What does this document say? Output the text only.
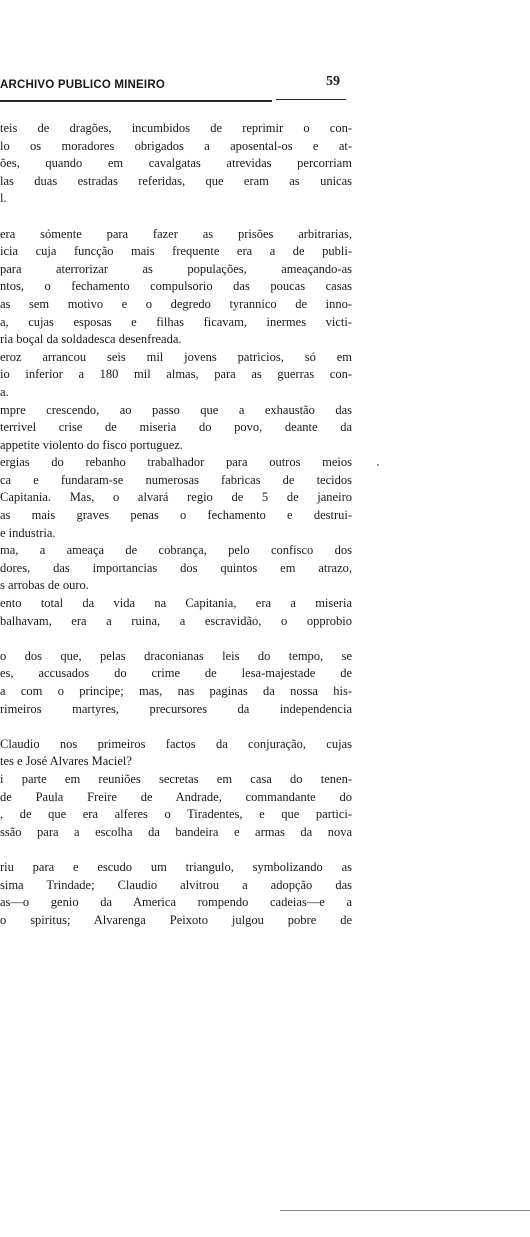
ARCHIVO PUBLICO MINEIRO	59
teis de dragões, incumbidos de reprimir o con-
lo os moradores obrigados a aposental-os e at-
ões, quando em cavalgatas atrevidas percorriam
las duas estradas referidas, que eram as unicas
l.
era sómente para fazer as prisões arbitrarias,
icia cuja funcção mais frequente era a de publi-
para aterrorizar as populações, ameaçando-as
ntos, o fechamento compulsorio das poucas casas
as sem motivo e o degredo tyrannico de inno-
a, cujas esposas e filhas ficavam, inermes victi-
ria boçal da soldadesca desenfreada.
eroz arrancou seis mil jovens patricios, só em
io inferior a 180 mil almas, para as guerras con-
a.
mpre crescendo, ao passo que a exhaustão das
terrivel crise de miseria do povo, deante da
appetite violento do fisco portuguez.
ergias do rebanho trabalhador para outros meios
ca e fundaram-se numerosas fabricas de tecidos
Capitania. Mas, o alvará regio de 5 de janeiro
as mais graves penas o fechamento e destrui-
e industria.
ma, a ameaça de cobrança, pelo confisco dos
dores, das importancias dos quintos em atrazo,
s arrobas de ouro.
ento total da vida na Capitania, era a miseria
balhavam, era a ruina, a escravidão, o opprobio
o dos que, pelas draconianas leis do tempo, se
es, accusados do crime de lesa-majestade de
a com o principe; mas, nas paginas da nossa his-
rimeiros martyres, precursores da independencia
Claudio nos primeiros factos da conjuração, cujas
tes e José Alvares Maciel?
i parte em reuniões secretas em casa do tenen-
de Paula Freire de Andrade, commandante do
, de que era alferes o Tiradentes, e que partici-
ssão para a escolha da bandeira e armas da nova
riu para e escudo um triangulo, symbolizando as
sima Trindade; Claudio alvitrou a adopção das
as—o genio da America rompendo cadeias—e a
o spiritus; Alvarenga Peixoto julgou pobre de
